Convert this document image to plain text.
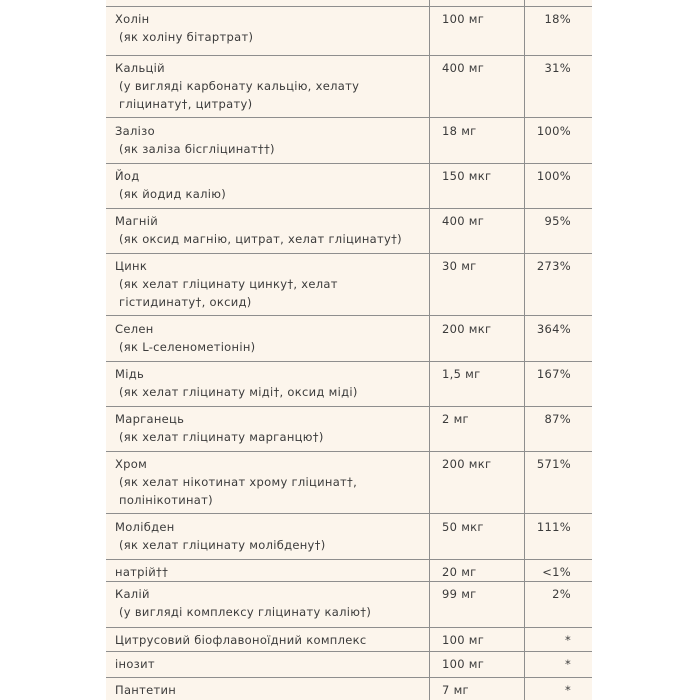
Холін
(як холіну бітартрат)
100 мг	18%
Кальцій
(у вигляді карбонату кальцію, хелату
гліцинату†, цитрату)
400 мг	31%
Залізо
(як заліза бісгліцинат††)
18 мг	100%
Йод
(як йодид калію)
150 мкг	100%
Магній
(як оксид магнію, цитрат, хелат гліцинату†)
400 мг	95%
Цинк
(як хелат гліцинату цинку†, хелат
гістидинату†, оксид)
30 мг	273%
Селен
(як L-селенометіонін)
200 мкг	364%
Мідь
(як хелат гліцинату міді†, оксид міді)
1,5 мг	167%
Марганець
(як хелат гліцинату марганцю†)
2 мг	87%
Хром
(як хелат нікотинат хрому гліцинат†,
полінікотинат)
200 мкг	571%
Молібден
(як хелат гліцинату молібдену†)
50 мкг	111%
натрій††	20 мг	<1%
Калій
(у вигляді комплексу гліцинату калію†)
99 мг	2%
Цитрусовий біофлавоноїдний комплекс	100 мг	*
інозит	100 мг	*
Пантетин	7 мг	*
